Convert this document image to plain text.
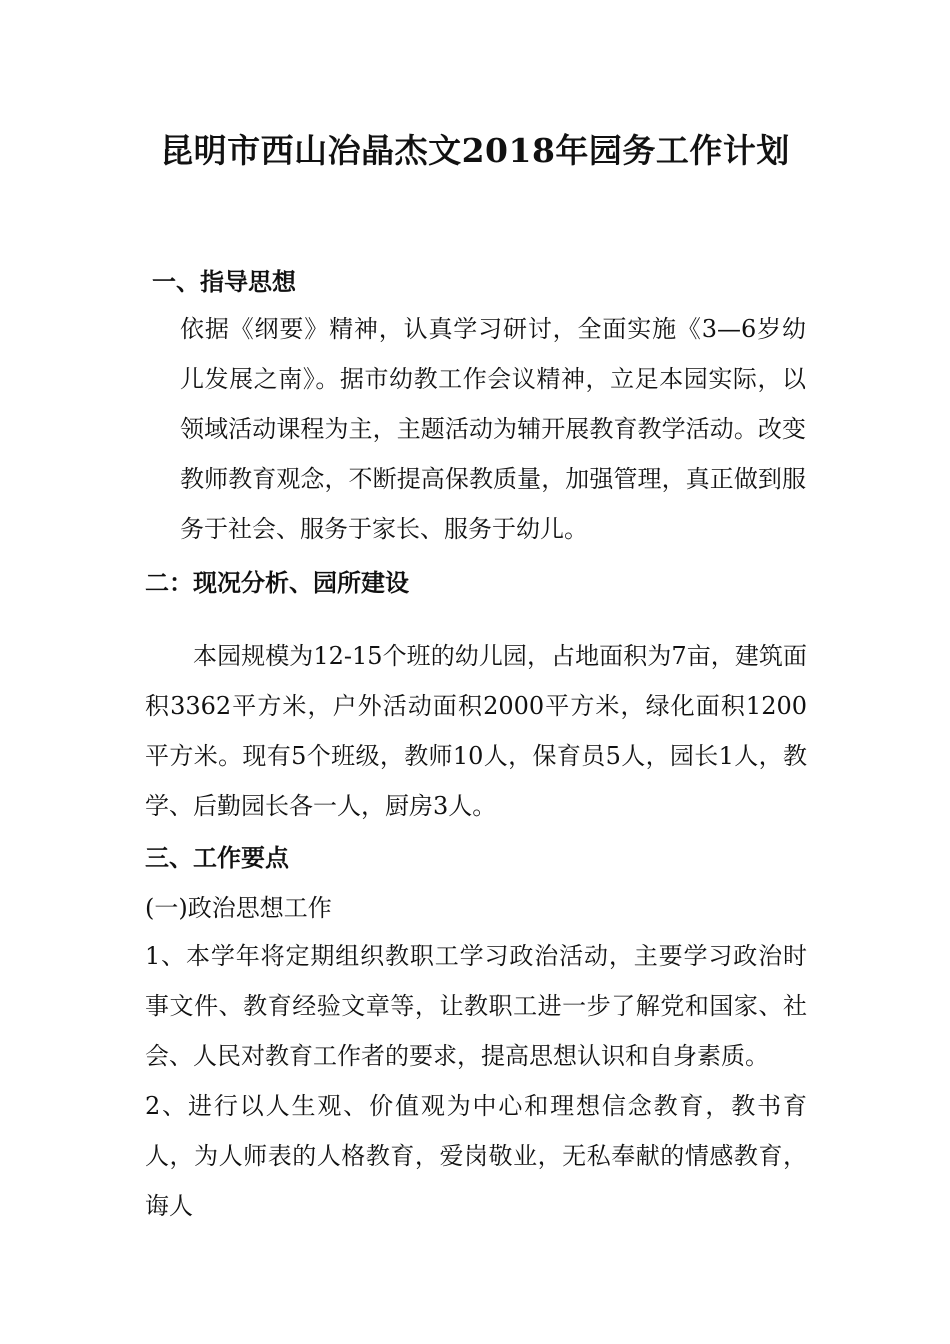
昆明市西山冶晶杰文2018年园务工作计划
一、指导思想
依据《纲要》精神，认真学习研讨，全面实施《3—6岁幼儿发展之南》。据市幼教工作会议精神，立足本园实际，以领域活动课程为主，主题活动为辅开展教育教学活动。改变教师教育观念，不断提高保教质量，加强管理，真正做到服务于社会、服务于家长、服务于幼儿。
二：现况分析、园所建设
本园规模为12-15个班的幼儿园，占地面积为7亩，建筑面积3362平方米，户外活动面积2000平方米，绿化面积1200平方米。现有5个班级，教师10人，保育员5人，园长1人，教学、后勤园长各一人，厨房3人。
三、工作要点
(一)政治思想工作
1、本学年将定期组织教职工学习政治活动，主要学习政治时事文件、教育经验文章等，让教职工进一步了解党和国家、社会、人民对教育工作者的要求，提高思想认识和自身素质。
2、进行以人生观、价值观为中心和理想信念教育，教书育人，为人师表的人格教育，爱岗敬业，无私奉献的情感教育，诲人
